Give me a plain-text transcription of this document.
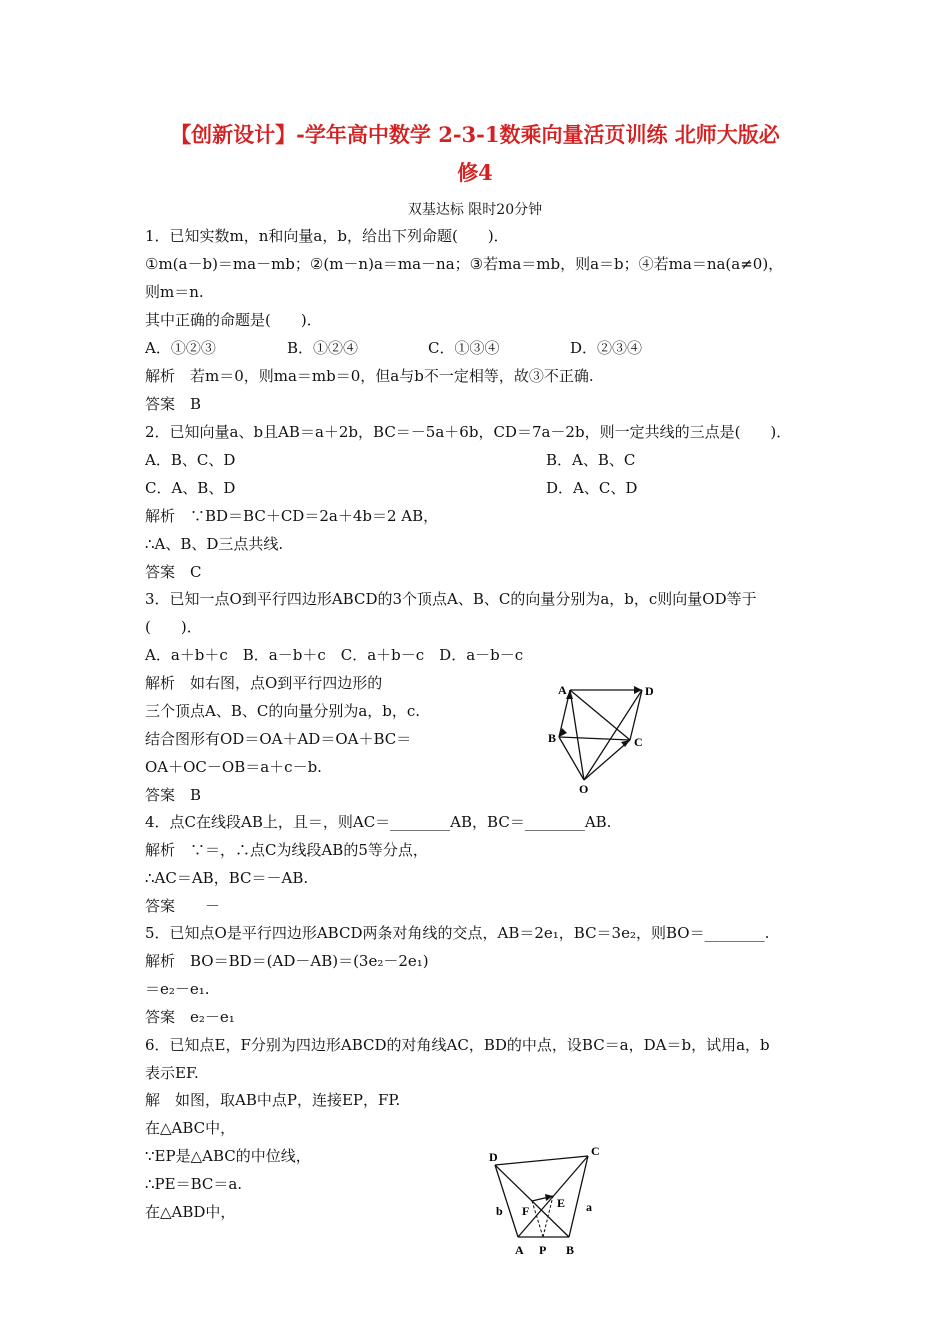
【创新设计】-学年高中数学 2-3-1数乘向量活页训练 北师大版必
修4
双基达标 限时20分钟
1．已知实数m，n和向量a，b，给出下列命题(　　)．
①m(a－b)＝ma－mb；②(m－n)a＝ma－na；③若ma＝mb，则a＝b；④若ma＝na(a≠0)，
则m＝n.
其中正确的命题是(　　)．
A．①②③	B．①②④	C．①③④	D．②③④
解析　若m＝0，则ma＝mb＝0，但a与b不一定相等，故③不正确.
答案　B
2．已知向量a、b且AB＝a＋2b，BC＝－5a＋6b，CD＝7a－2b，则一定共线的三点是(　　)．
A．B、C、D	B．A、B、C
C．A、B、D	D．A、C、D
解析　∵BD＝BC＋CD＝2a＋4b＝2 AB，
∴A、B、D三点共线.
答案　C
3．已知一点O到平行四边形ABCD的3个顶点A、B、C的向量分别为a，b，c则向量OD等于
(　　)．
A．a＋b＋c　B．a－b＋c　C．a＋b－c　D．a－b－c
解析　如右图，点O到平行四边形的
三个顶点A、B、C的向量分别为a，b，c.
结合图形有OD＝OA＋AD＝OA＋BC＝
OA＋OC－OB＝a＋c－b.
答案　B
A	D
B	C
O
4．点C在线段AB上，且＝，则AC＝________AB，BC＝________AB.
解析　∵＝，∴点C为线段AB的5等分点，
∴AC＝AB，BC＝－AB.
答案　　－
5．已知点O是平行四边形ABCD两条对角线的交点，AB＝2e₁，BC＝3e₂，则BO＝________.
解析　BO＝BD＝(AD－AB)＝(3e₂－2e₁)
＝e₂－e₁.
答案　e₂－e₁
6．已知点E，F分别为四边形ABCD的对角线AC，BD的中点，设BC＝a，DA＝b，试用a，b
表示EF.
解　如图，取AB中点P，连接EP，FP.
在△ABC中，
∵EP是△ABC的中位线，
∴PE＝BC＝a.
在△ABD中，
D	C
E
F
b	a
A P B
